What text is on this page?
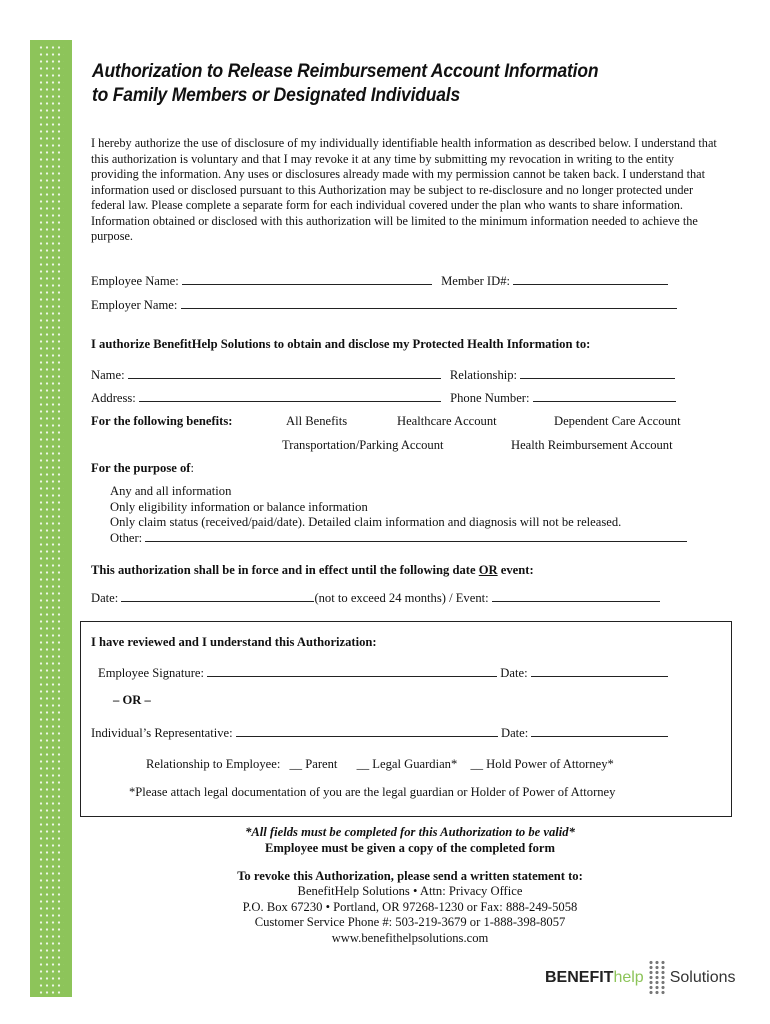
Authorization to Release Reimbursement Account Information
to Family Members or Designated Individuals
I hereby authorize the use of disclosure of my individually identifiable health information as described below. I understand that this authorization is voluntary and that I may revoke it at any time by submitting my revocation in writing to the entity providing the information. Any uses or disclosures already made with my permission cannot be taken back. I understand that information used or disclosed pursuant to this Authorization may be subject to re-disclosure and no longer protected under federal law. Please complete a separate form for each individual covered under the plan who wants to share information. Information obtained or disclosed with this authorization will be limited to the minimum information needed to achieve the purpose.
Employee Name:	Member ID#:
Employer Name:
I authorize BenefitHelp Solutions to obtain and disclose my Protected Health Information to:
Name:	Relationship:
Address:	Phone Number:
For the following benefits:	All Benefits	Healthcare Account	Dependent Care Account
Transportation/Parking Account	Health Reimbursement Account
For the purpose of:
Any and all information
Only eligibility information or balance information
Only claim status (received/paid/date). Detailed claim information and diagnosis will not be released.
Other:
This authorization shall be in force and in effect until the following date OR event:
Date:	(not to exceed 24 months) / Event:
I have reviewed and I understand this Authorization:
Employee Signature:	Date:
– OR –
Individual’s Representative:	Date:
Relationship to Employee: __ Parent __ Legal Guardian* __ Hold Power of Attorney*
*Please attach legal documentation of you are the legal guardian or Holder of Power of Attorney
*All fields must be completed for this Authorization to be valid*
Employee must be given a copy of the completed form
To revoke this Authorization, please send a written statement to:
BenefitHelp Solutions • Attn: Privacy Office
P.O. Box 67230 • Portland, OR 97268-1230 or Fax: 888-249-5058
Customer Service Phone #: 503-219-3679 or 1-888-398-8057
www.benefithelpsolutions.com
BENEFIThelp Solutions
